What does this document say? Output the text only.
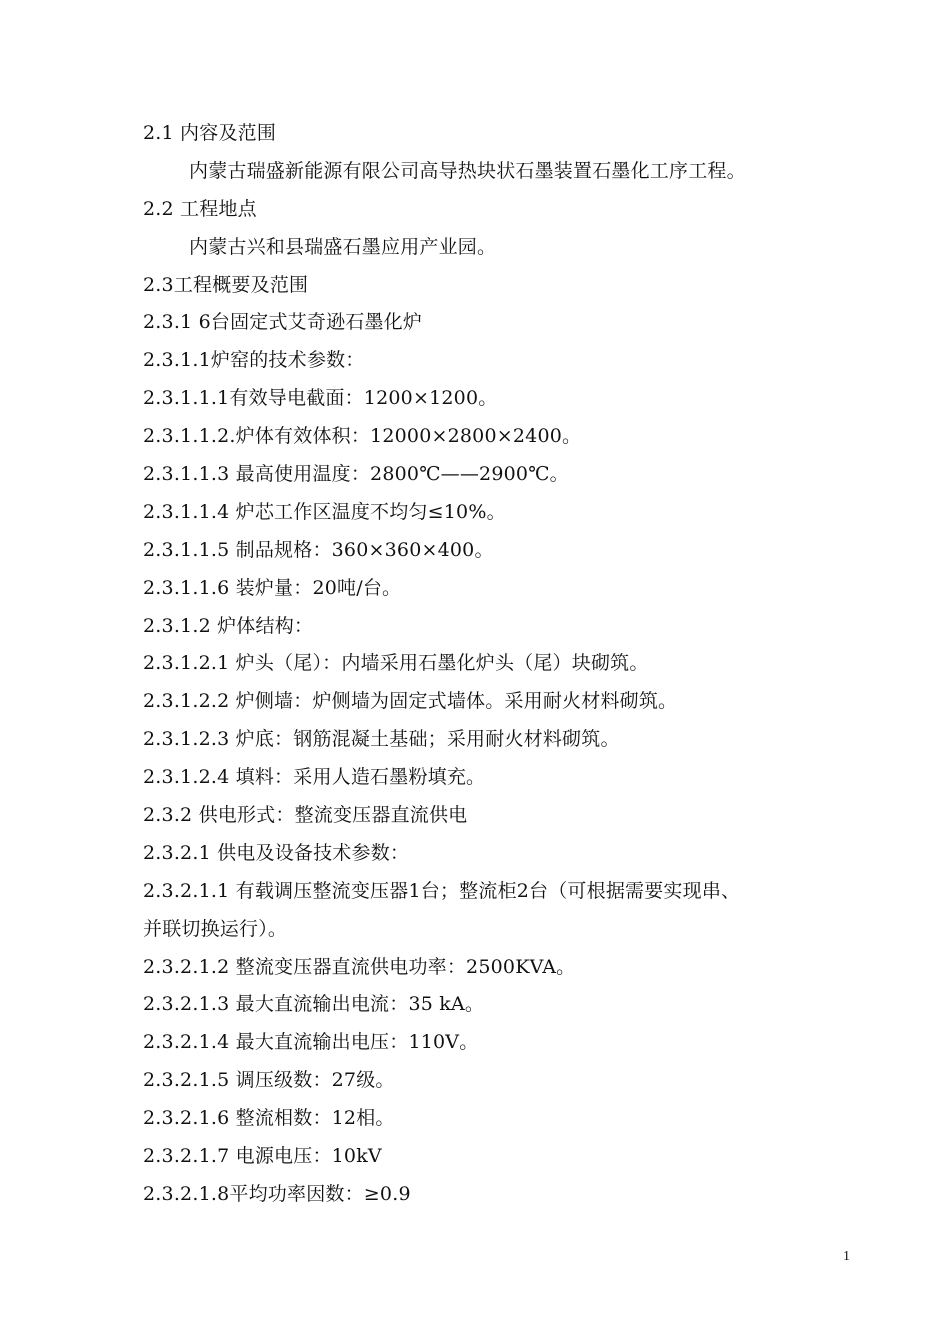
2.1 内容及范围
内蒙古瑞盛新能源有限公司高导热块状石墨装置石墨化工序工程。
2.2 工程地点
内蒙古兴和县瑞盛石墨应用产业园。
2.3工程概要及范围
2.3.1 6台固定式艾奇逊石墨化炉
2.3.1.1炉窑的技术参数：
2.3.1.1.1有效导电截面：1200×1200。
2.3.1.1.2.炉体有效体积：12000×2800×2400。
2.3.1.1.3 最高使用温度：2800℃——2900℃。
2.3.1.1.4 炉芯工作区温度不均匀≤10%。
2.3.1.1.5 制品规格：360×360×400。
2.3.1.1.6 装炉量：20吨/台。
2.3.1.2 炉体结构：
2.3.1.2.1 炉头（尾）：内墙采用石墨化炉头（尾）块砌筑。
2.3.1.2.2 炉侧墙：炉侧墙为固定式墙体。采用耐火材料砌筑。
2.3.1.2.3 炉底：钢筋混凝土基础；采用耐火材料砌筑。
2.3.1.2.4 填料：采用人造石墨粉填充。
2.3.2 供电形式：整流变压器直流供电
2.3.2.1 供电及设备技术参数：
2.3.2.1.1 有载调压整流变压器1台；整流柜2台（可根据需要实现串、
并联切换运行）。
2.3.2.1.2 整流变压器直流供电功率：2500KVA。
2.3.2.1.3 最大直流输出电流：35 kA。
2.3.2.1.4 最大直流输出电压：110V。
2.3.2.1.5 调压级数：27级。
2.3.2.1.6 整流相数：12相。
2.3.2.1.7 电源电压：10kV
2.3.2.1.8平均功率因数：≥0.9
1
